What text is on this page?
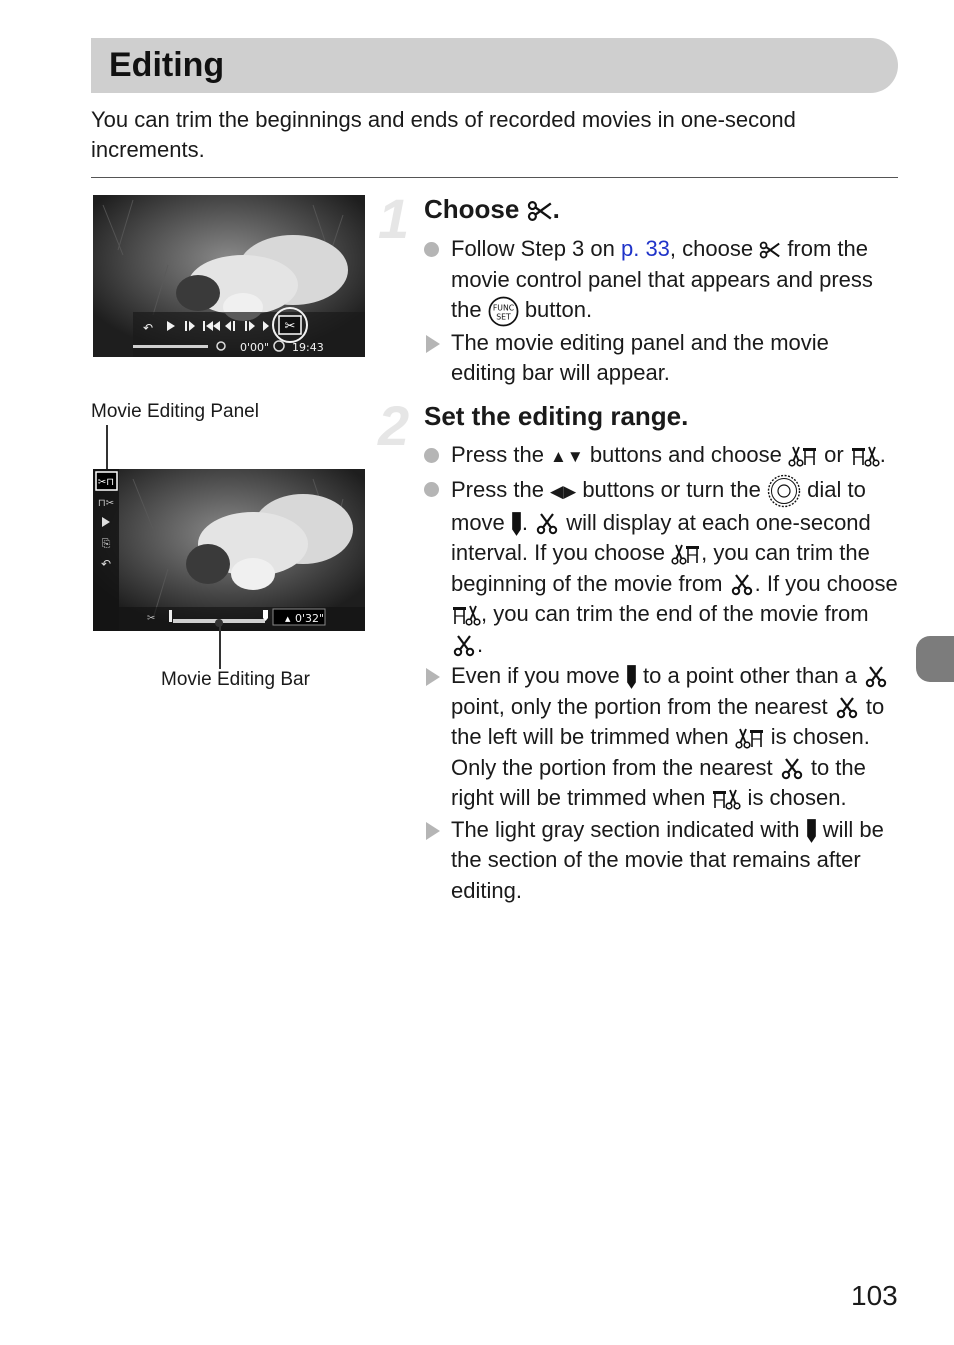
Editing
You can trim the beginnings and ends of recorded movies in one-second increments.
↶	✂
0'00" 19:43
Movie Editing Panel
✂⊓
⊓✂
⎘
↶
▲ 0'32"
✂
Movie Editing Bar
1 Choose .
Follow Step 3 on p. 33, choose  from the movie control panel that appears and press the  button.
The movie editing panel and the movie editing bar will appear.
2 Set the editing range.
Press the ▲▼ buttons and choose  or .
Press the ◀▶ buttons or turn the  dial to move .  will display at each one-second interval. If you choose , you can trim the beginning of the movie from . If you choose , you can trim the end of the movie from .
Even if you move  to a point other than a  point, only the portion from the nearest  to the left will be trimmed when  is chosen. Only the portion from the nearest  to the right will be trimmed when  is chosen.
The light gray section indicated with  will be the section of the movie that remains after editing.
103
